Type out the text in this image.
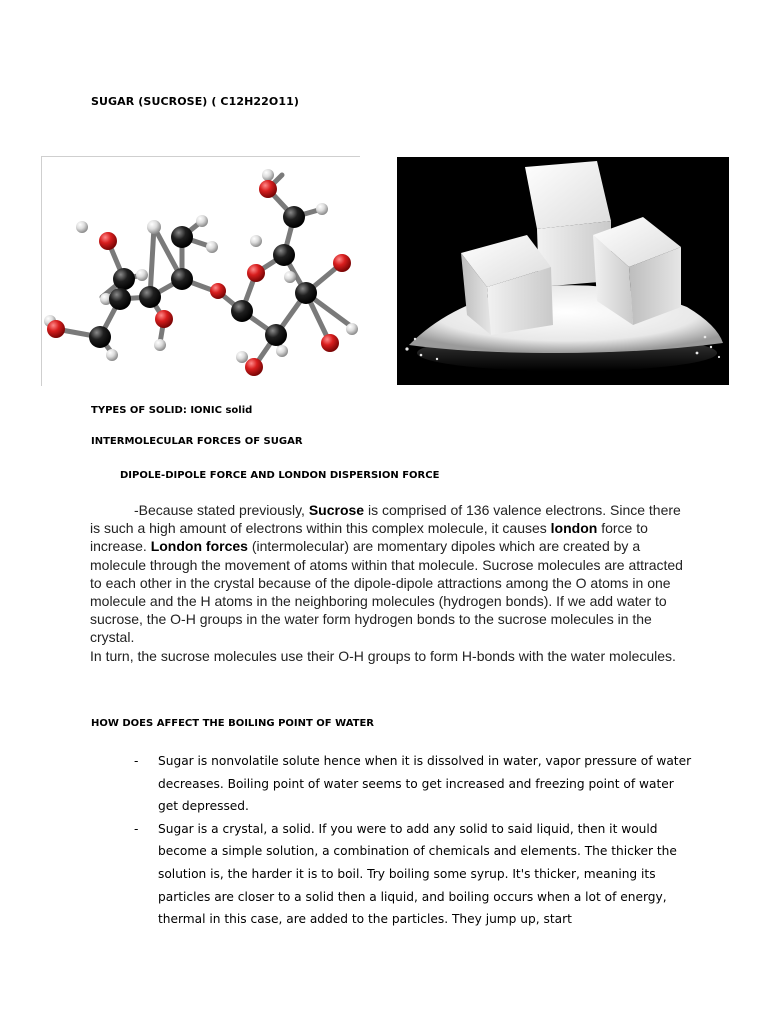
SUGAR (SUCROSE) ( C12H22O11)
TYPES OF SOLID: IONIC solid
INTERMOLECULAR FORCES OF SUGAR
DIPOLE-DIPOLE FORCE AND LONDON DISPERSION FORCE
-Because stated previously, Sucrose is comprised of 136 valence electrons. Since there is such a high amount of electrons within this complex molecule, it causes london force to increase. London forces (intermolecular) are momentary dipoles which are created by a molecule through the movement of atoms within that molecule. Sucrose molecules are attracted to each other in the crystal because of the dipole-dipole attractions among the O atoms in one molecule and the H atoms in the neighboring molecules (hydrogen bonds). If we add water to sucrose, the O-H groups in the water form hydrogen bonds to the sucrose molecules in the crystal.
In turn, the sucrose molecules use their O-H groups to form H-bonds with the water molecules.
HOW DOES AFFECT THE BOILING POINT OF WATER
- Sugar is nonvolatile solute hence when it is dissolved in water, vapor pressure of water decreases. Boiling point of water seems to get increased and freezing point of water get depressed.
- Sugar is a crystal, a solid. If you were to add any solid to said liquid, then it would become a simple solution, a combination of chemicals and elements. The thicker the solution is, the harder it is to boil. Try boiling some syrup. It's thicker, meaning its particles are closer to a solid then a liquid, and boiling occurs when a lot of energy, thermal in this case, are added to the particles. They jump up, start
